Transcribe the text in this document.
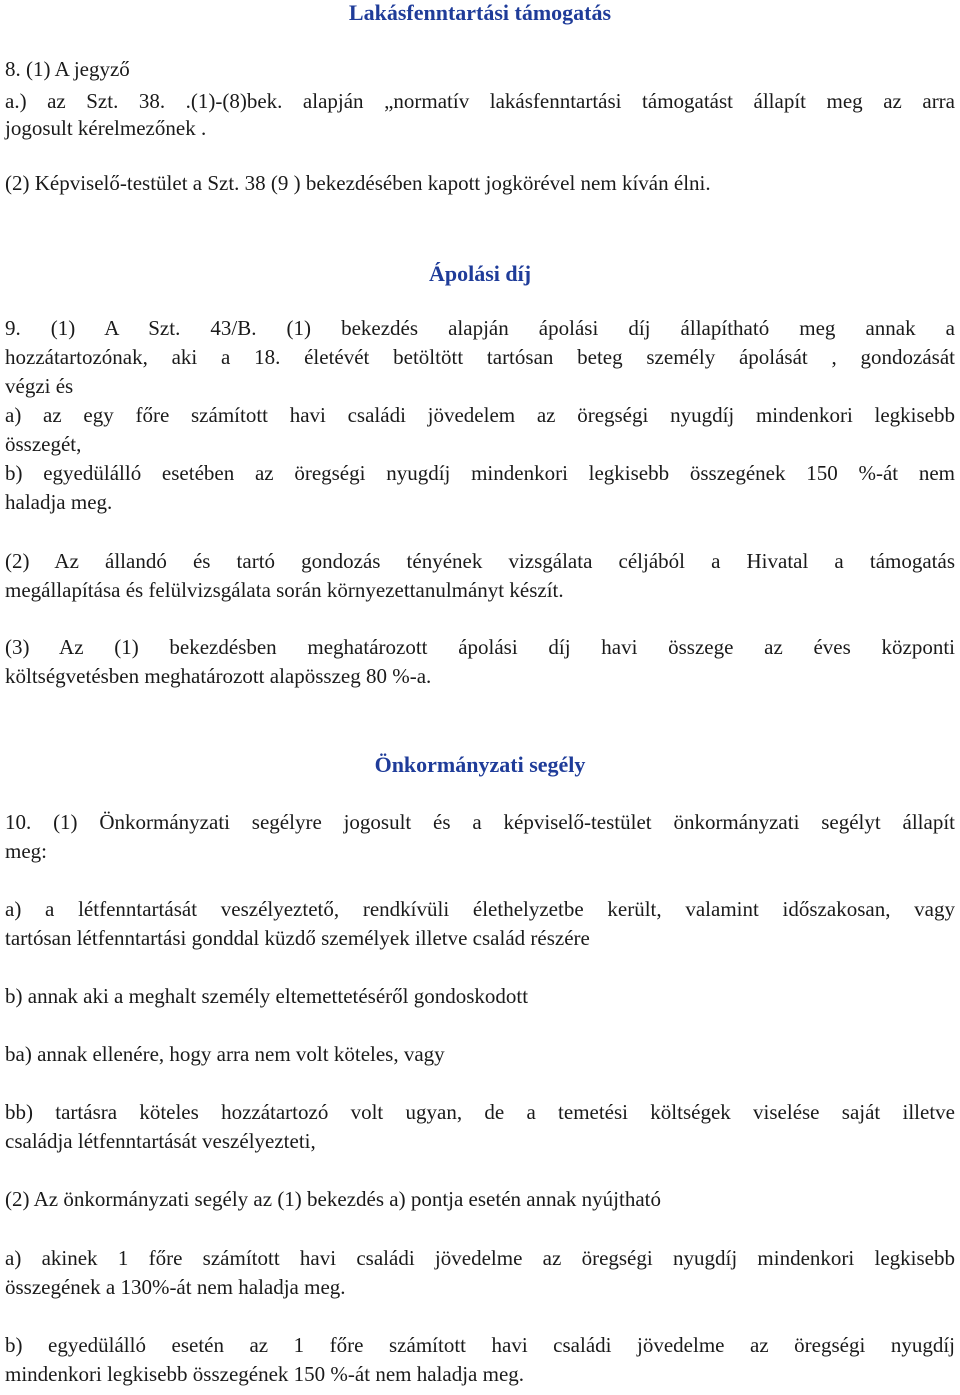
Lakásfenntartási támogatás
8. (1) A jegyző
a.) az Szt. 38. .(1)-(8)bek. alapján „normatív lakásfenntartási támogatást állapít meg az arra
jogosult kérelmezőnek .
(2) Képviselő-testület a Szt. 38 (9 ) bekezdésében kapott jogkörével nem kíván élni.
Ápolási díj
9. (1) A Szt. 43/B. (1) bekezdés alapján ápolási díj állapítható meg annak a
hozzátartozónak, aki a 18. életévét betöltött tartósan beteg személy ápolását , gondozását
végzi és
a) az egy főre számított havi családi jövedelem az öregségi nyugdíj mindenkori legkisebb
összegét,
b) egyedülálló esetében az öregségi nyugdíj mindenkori legkisebb összegének 150 %-át nem
haladja meg.
(2) Az állandó és tartó gondozás tényének vizsgálata céljából a Hivatal a támogatás
megállapítása és felülvizsgálata során környezettanulmányt készít.
(3) Az (1) bekezdésben meghatározott ápolási díj havi összege az éves központi
költségvetésben meghatározott alapösszeg 80 %-a.
Önkormányzati segély
10. (1) Önkormányzati segélyre jogosult és a képviselő-testület önkormányzati segélyt állapít
meg:
a) a létfenntartását veszélyeztető, rendkívüli élethelyzetbe került, valamint időszakosan, vagy
tartósan létfenntartási gonddal küzdő személyek illetve család részére
b) annak aki a meghalt személy eltemettetéséről gondoskodott
ba) annak ellenére, hogy arra nem volt köteles, vagy
bb) tartásra köteles hozzátartozó volt ugyan, de a temetési költségek viselése saját illetve
családja létfenntartását veszélyezteti,
(2) Az önkormányzati segély az (1) bekezdés a) pontja esetén annak nyújtható
a) akinek 1 főre számított havi családi jövedelme az öregségi nyugdíj mindenkori legkisebb
összegének a 130%-át nem haladja meg.
b) egyedülálló esetén az 1 főre számított havi családi jövedelme az öregségi nyugdíj
mindenkori legkisebb összegének 150 %-át nem haladja meg.
